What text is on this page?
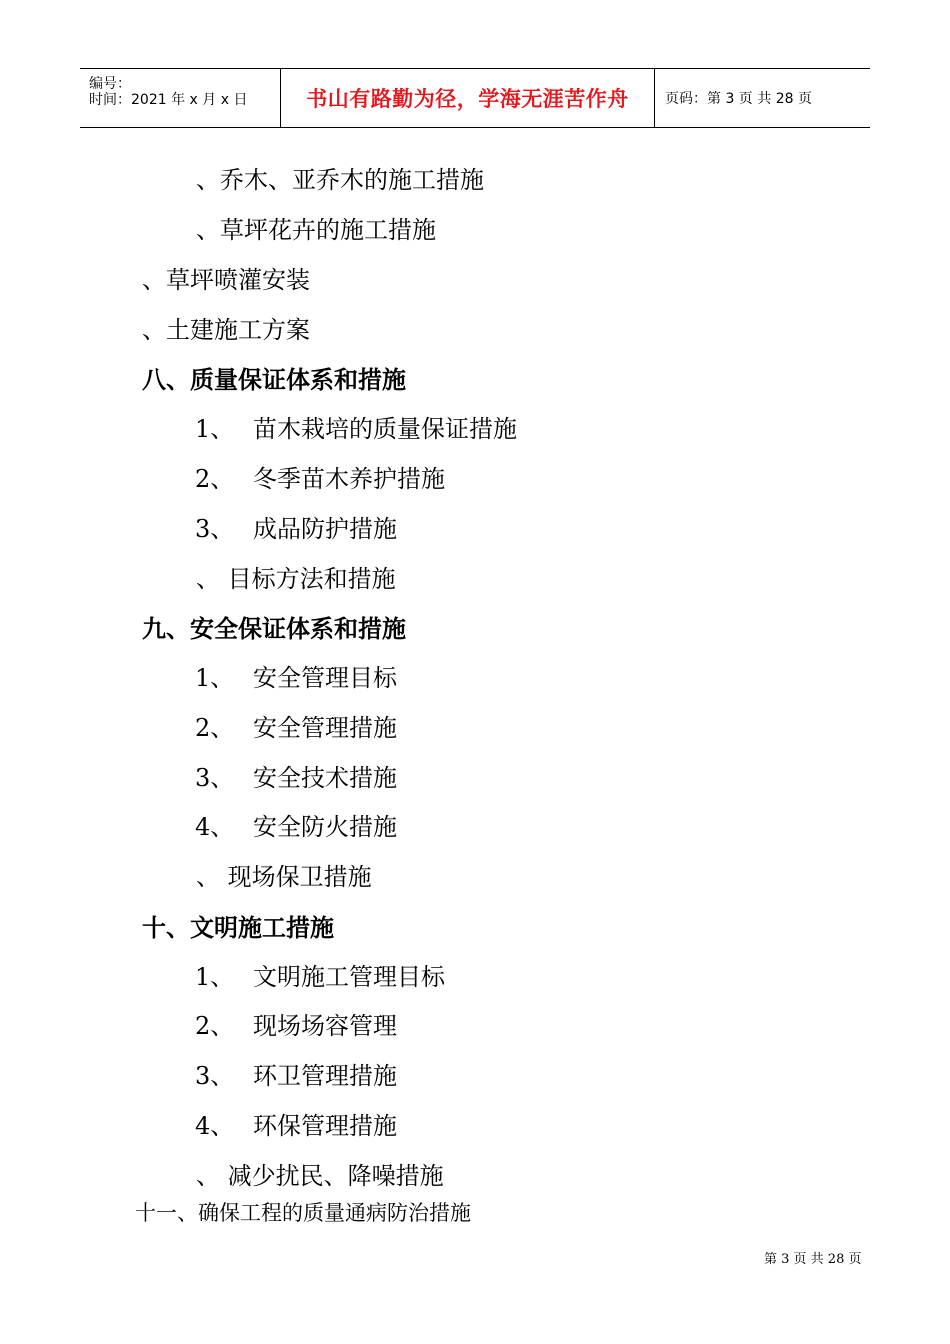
编号：
时间：2021 年 x 月 x 日	书山有路勤为径，学海无涯苦作舟	页码：第 3 页 共 28 页
、乔木、亚乔木的施工措施
、草坪花卉的施工措施
、草坪喷灌安装
、土建施工方案
八、质量保证体系和措施
1、 苗木栽培的质量保证措施
2、 冬季苗木养护措施
3、 成品防护措施
、 目标方法和措施
九、安全保证体系和措施
1、 安全管理目标
2、 安全管理措施
3、 安全技术措施
4、 安全防火措施
、 现场保卫措施
十、文明施工措施
1、 文明施工管理目标
2、 现场场容管理
3、 环卫管理措施
4、 环保管理措施
、 减少扰民、降噪措施
十一、确保工程的质量通病防治措施
第 3 页 共 28 页
